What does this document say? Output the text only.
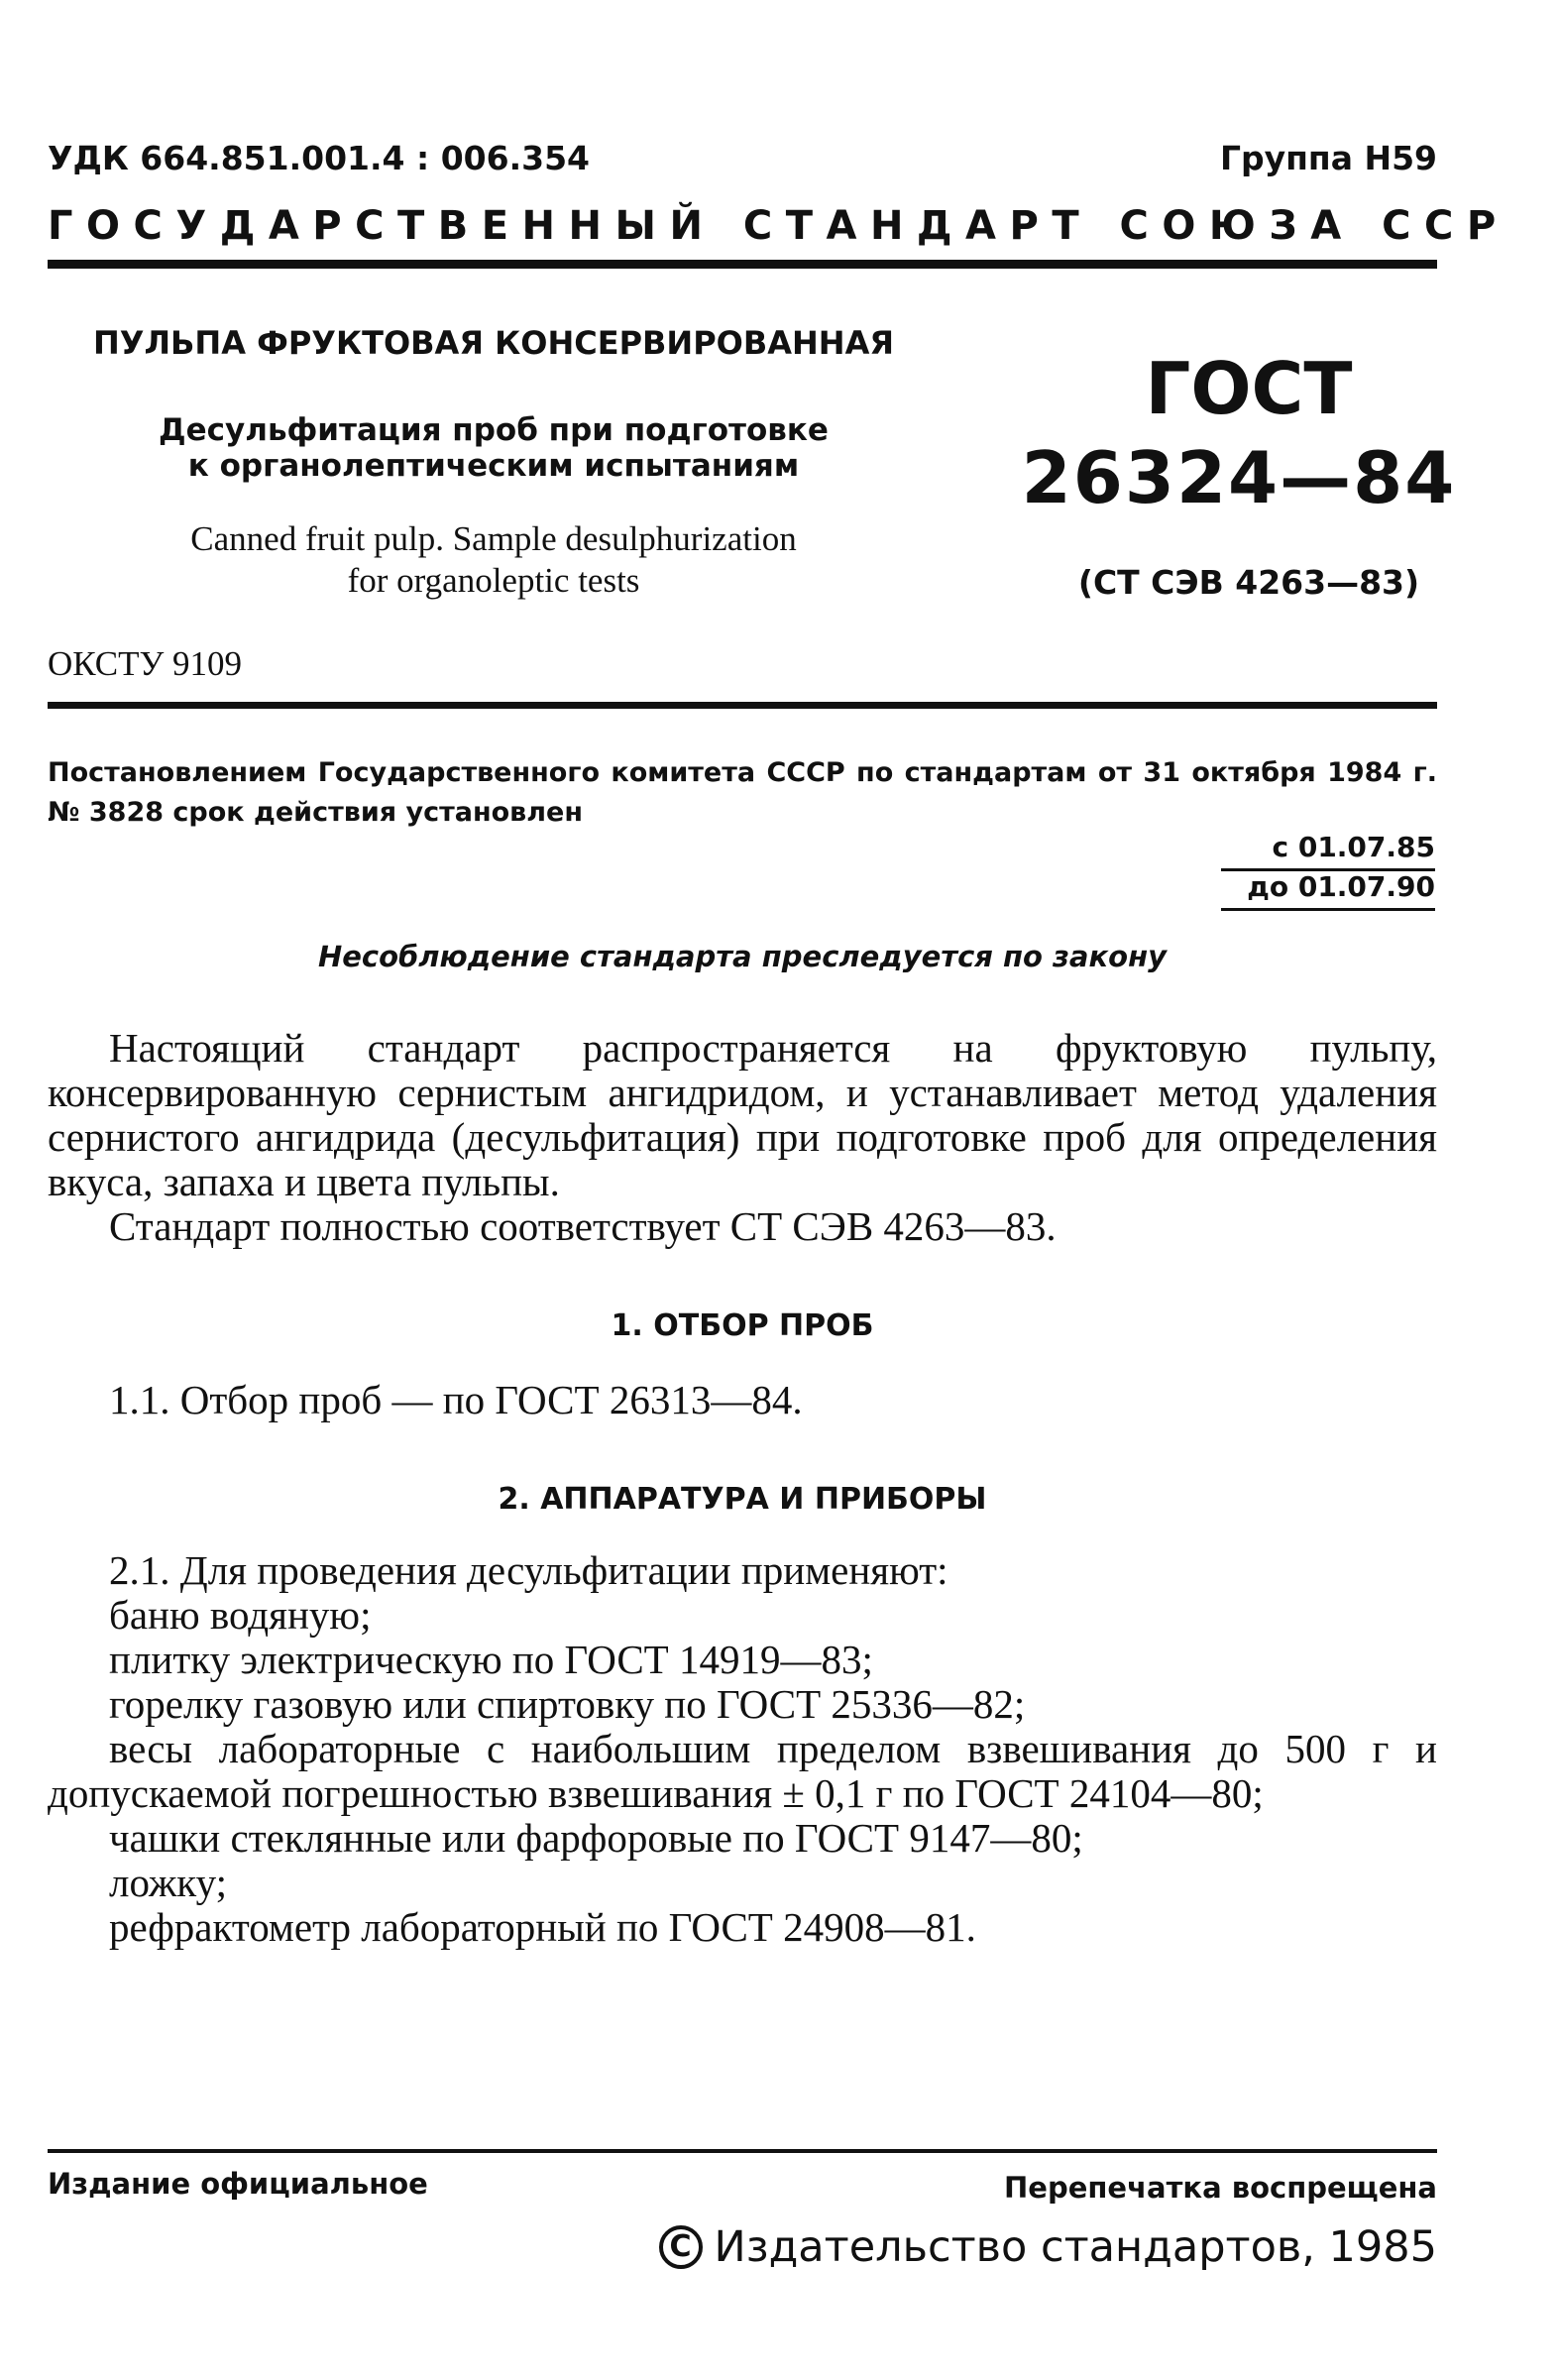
УДК 664.851.001.4 : 006.354	Группа Н59
ГОСУДАРСТВЕННЫЙ СТАНДАРТ СОЮЗА ССР
ПУЛЬПА ФРУКТОВАЯ КОНСЕРВИРОВАННАЯ
Десульфитация проб при подготовке
к органолептическим испытаниям
Canned fruit pulp. Sample desulphurization
for organoleptic tests
ОКСТУ 9109
ГОСТ
26324—84
(СТ СЭВ 4263—83)
Постановлением Государственного комитета СССР по стандартам от 31 октября 1984 г. № 3828 срок действия установлен
с 01.07.85
до 01.07.90
Несоблюдение стандарта преследуется по закону
Настоящий стандарт распространяется на фруктовую пульпу, консервированную сернистым ангидридом, и устанавливает метод удаления сернистого ангидрида (десульфитация) при подготовке проб для определения вкуса, запаха и цвета пульпы.
Стандарт полностью соответствует СТ СЭВ 4263—83.
1. ОТБОР ПРОБ
1.1. Отбор проб — по ГОСТ 26313—84.
2. АППАРАТУРА И ПРИБОРЫ

2.1. Для проведения десульфитации применяют:

баню водяную;

плитку электрическую по ГОСТ 14919—83;

горелку газовую или спиртовку по ГОСТ 25336—82;

весы лабораторные с наибольшим пределом взвешивания до 500 г и допускаемой погрешностью взвешивания ± 0,1 г по ГОСТ 24104—80;

чашки стеклянные или фарфоровые по ГОСТ 9147—80;

ложку;

рефрактометр лабораторный по ГОСТ 24908—81.

Издание официальное	Перепечатка воспрещена
C Издательство стандартов, 1985
